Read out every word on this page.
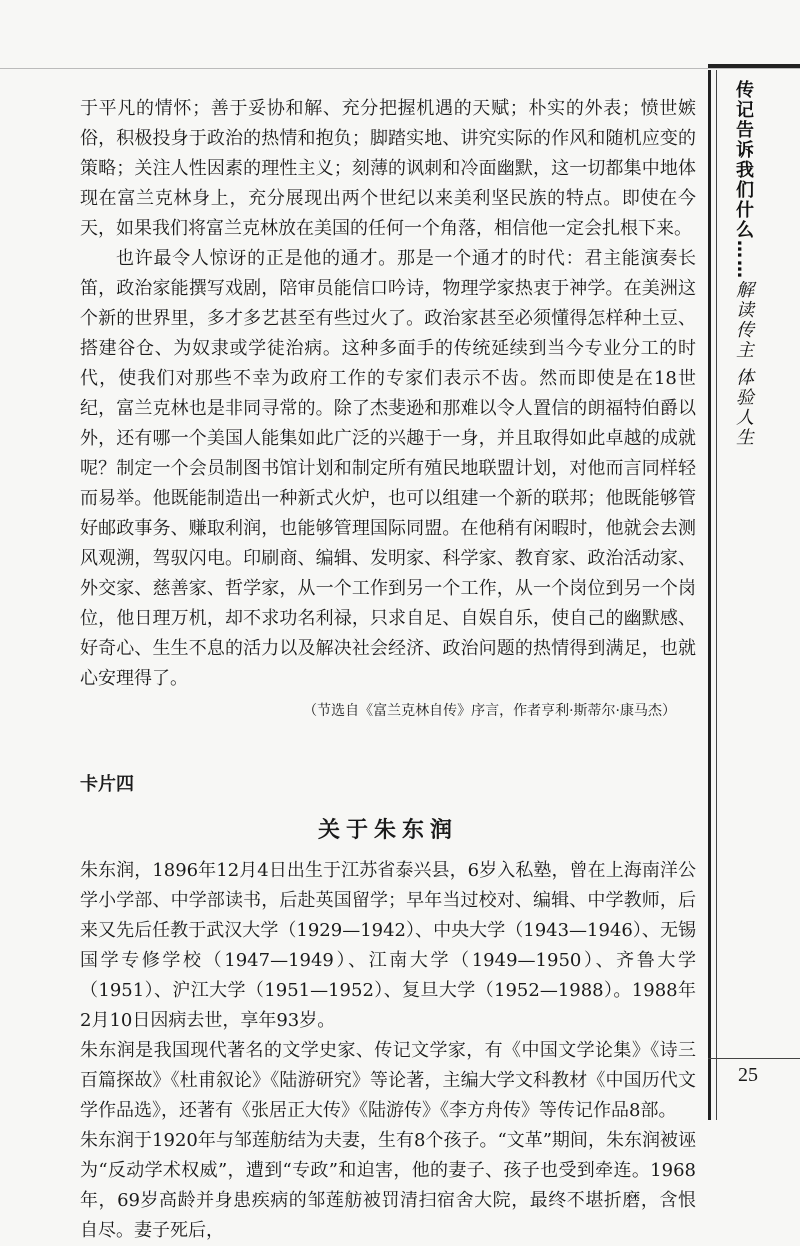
传记告诉我们什么……解读传主 体验人生

于平凡的情怀；善于妥协和解、充分把握机遇的天赋；朴实的外表；愤世嫉俗，积极投身于政治的热情和抱负；脚踏实地、讲究实际的作风和随机应变的策略；关注人性因素的理性主义；刻薄的讽刺和冷面幽默，这一切都集中地体现在富兰克林身上，充分展现出两个世纪以来美利坚民族的特点。即使在今天，如果我们将富兰克林放在美国的任何一个角落，相信他一定会扎根下来。

也许最令人惊讶的正是他的通才。那是一个通才的时代：君主能演奏长笛，政治家能撰写戏剧，陪审员能信口吟诗，物理学家热衷于神学。在美洲这个新的世界里，多才多艺甚至有些过火了。政治家甚至必须懂得怎样种土豆、搭建谷仓、为奴隶或学徒治病。这种多面手的传统延续到当今专业分工的时代，使我们对那些不幸为政府工作的专家们表示不齿。然而即使是在18世纪，富兰克林也是非同寻常的。除了杰斐逊和那难以令人置信的朗福特伯爵以外，还有哪一个美国人能集如此广泛的兴趣于一身，并且取得如此卓越的成就呢？制定一个会员制图书馆计划和制定所有殖民地联盟计划，对他而言同样轻而易举。他既能制造出一种新式火炉，也可以组建一个新的联邦；他既能够管好邮政事务、赚取利润，也能够管理国际同盟。在他稍有闲暇时，他就会去测风观溯，驾驭闪电。印刷商、编辑、发明家、科学家、教育家、政治活动家、外交家、慈善家、哲学家，从一个工作到另一个工作，从一个岗位到另一个岗位，他日理万机，却不求功名利禄，只求自足、自娱自乐，使自己的幽默感、好奇心、生生不息的活力以及解决社会经济、政治问题的热情得到满足，也就心安理得了。

（节选自《富兰克林自传》序言，作者亨利·斯蒂尔·康马杰）
卡片四
关于朱东润

朱东润，1896年12月4日出生于江苏省泰兴县，6岁入私塾，曾在上海南洋公学小学部、中学部读书，后赴英国留学；早年当过校对、编辑、中学教师，后来又先后任教于武汉大学（1929—1942）、中央大学（1943—1946）、无锡国学专修学校（1947—1949）、江南大学（1949—1950）、齐鲁大学（1951）、沪江大学（1951—1952）、复旦大学（1952—1988）。1988年2月10日因病去世，享年93岁。

朱东润是我国现代著名的文学史家、传记文学家，有《中国文学论集》《诗三百篇探故》《杜甫叙论》《陆游研究》等论著，主编大学文科教材《中国历代文学作品选》，还著有《张居正大传》《陆游传》《李方舟传》等传记作品8部。

朱东润于1920年与邹莲舫结为夫妻，生有8个孩子。“文革”期间，朱东润被诬为“反动学术权威”，遭到“专政”和迫害，他的妻子、孩子也受到牵连。1968年，69岁高龄并身患疾病的邹莲舫被罚清扫宿舍大院，最终不堪折磨，含恨自尽。妻子死后，

25
